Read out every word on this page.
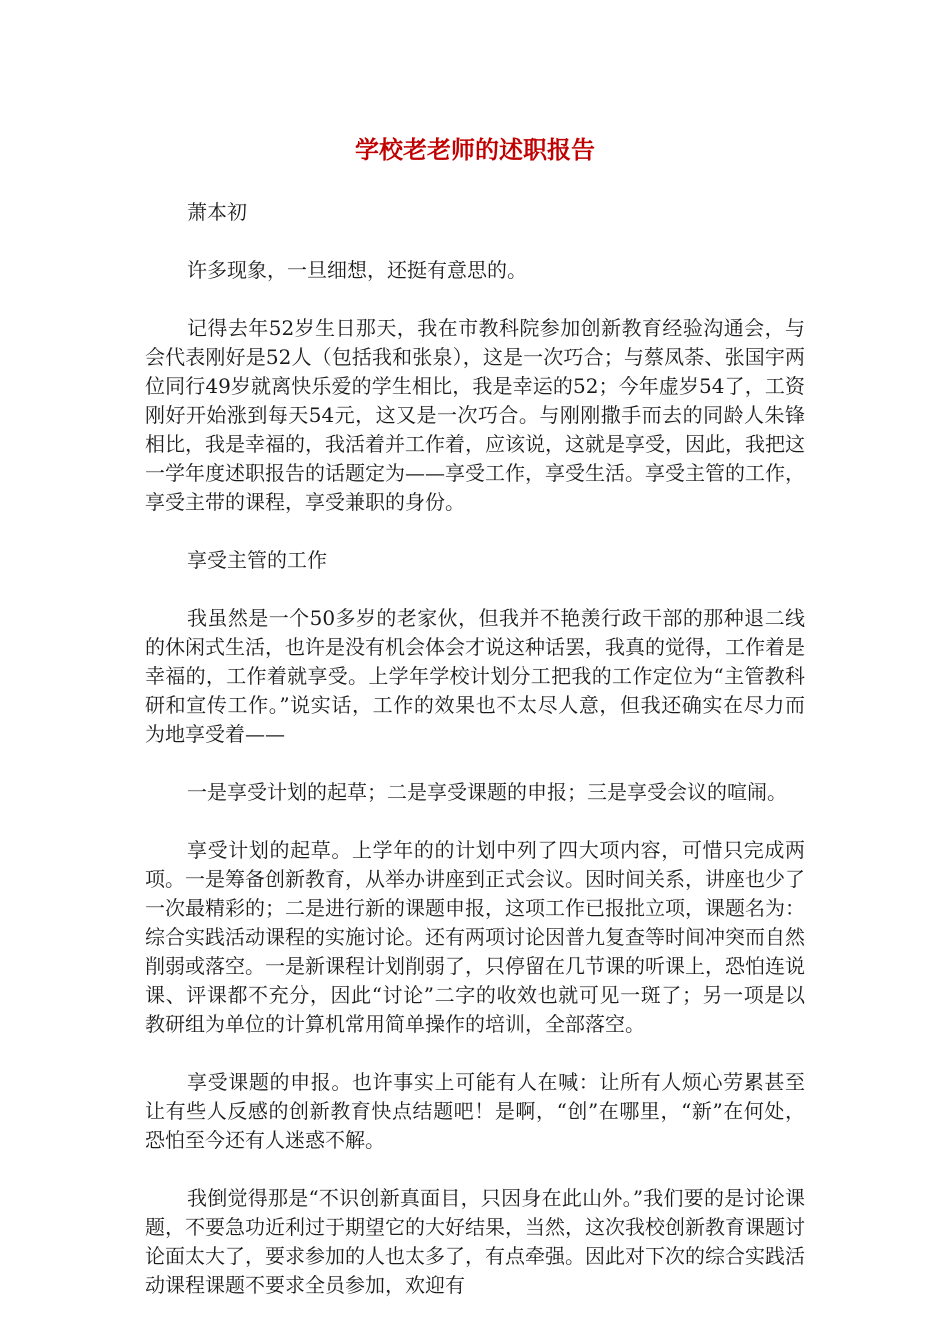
学校老老师的述职报告

萧本初

许多现象，一旦细想，还挺有意思的。

记得去年52岁生日那天，我在市教科院参加创新教育经验沟通会，与会代表刚好是52人（包括我和张泉），这是一次巧合；与蔡凤荼、张国宇两位同行49岁就离快乐爱的学生相比，我是幸运的52；今年虚岁54了，工资刚好开始涨到每天54元，这又是一次巧合。与刚刚撒手而去的同龄人朱锋相比，我是幸福的，我活着并工作着，应该说，这就是享受，因此，我把这一学年度述职报告的话题定为——享受工作，享受生活。享受主管的工作，享受主带的课程，享受兼职的身份。

享受主管的工作

我虽然是一个50多岁的老家伙，但我并不艳羡行政干部的那种退二线的休闲式生活，也许是没有机会体会才说这种话罢，我真的觉得，工作着是幸福的，工作着就享受。上学年学校计划分工把我的工作定位为“主管教科研和宣传工作。”说实话，工作的效果也不太尽人意，但我还确实在尽力而为地享受着——

一是享受计划的起草；二是享受课题的申报；三是享受会议的喧闹。

享受计划的起草。上学年的的计划中列了四大项内容，可惜只完成两项。一是筹备创新教育，从举办讲座到正式会议。因时间关系，讲座也少了一次最精彩的；二是进行新的课题申报，这项工作已报批立项，课题名为：综合实践活动课程的实施讨论。还有两项讨论因普九复查等时间冲突而自然削弱或落空。一是新课程计划削弱了，只停留在几节课的听课上，恐怕连说课、评课都不充分，因此“讨论”二字的收效也就可见一斑了；另一项是以教研组为单位的计算机常用简单操作的培训，全部落空。

享受课题的申报。也许事实上可能有人在喊：让所有人烦心劳累甚至让有些人反感的创新教育快点结题吧！是啊，“创”在哪里，“新”在何处，恐怕至今还有人迷惑不解。

我倒觉得那是“不识创新真面目，只因身在此山外。”我们要的是讨论课题，不要急功近利过于期望它的大好结果，当然，这次我校创新教育课题讨论面太大了，要求参加的人也太多了，有点牵强。因此对下次的综合实践活动课程课题不要求全员参加，欢迎有
